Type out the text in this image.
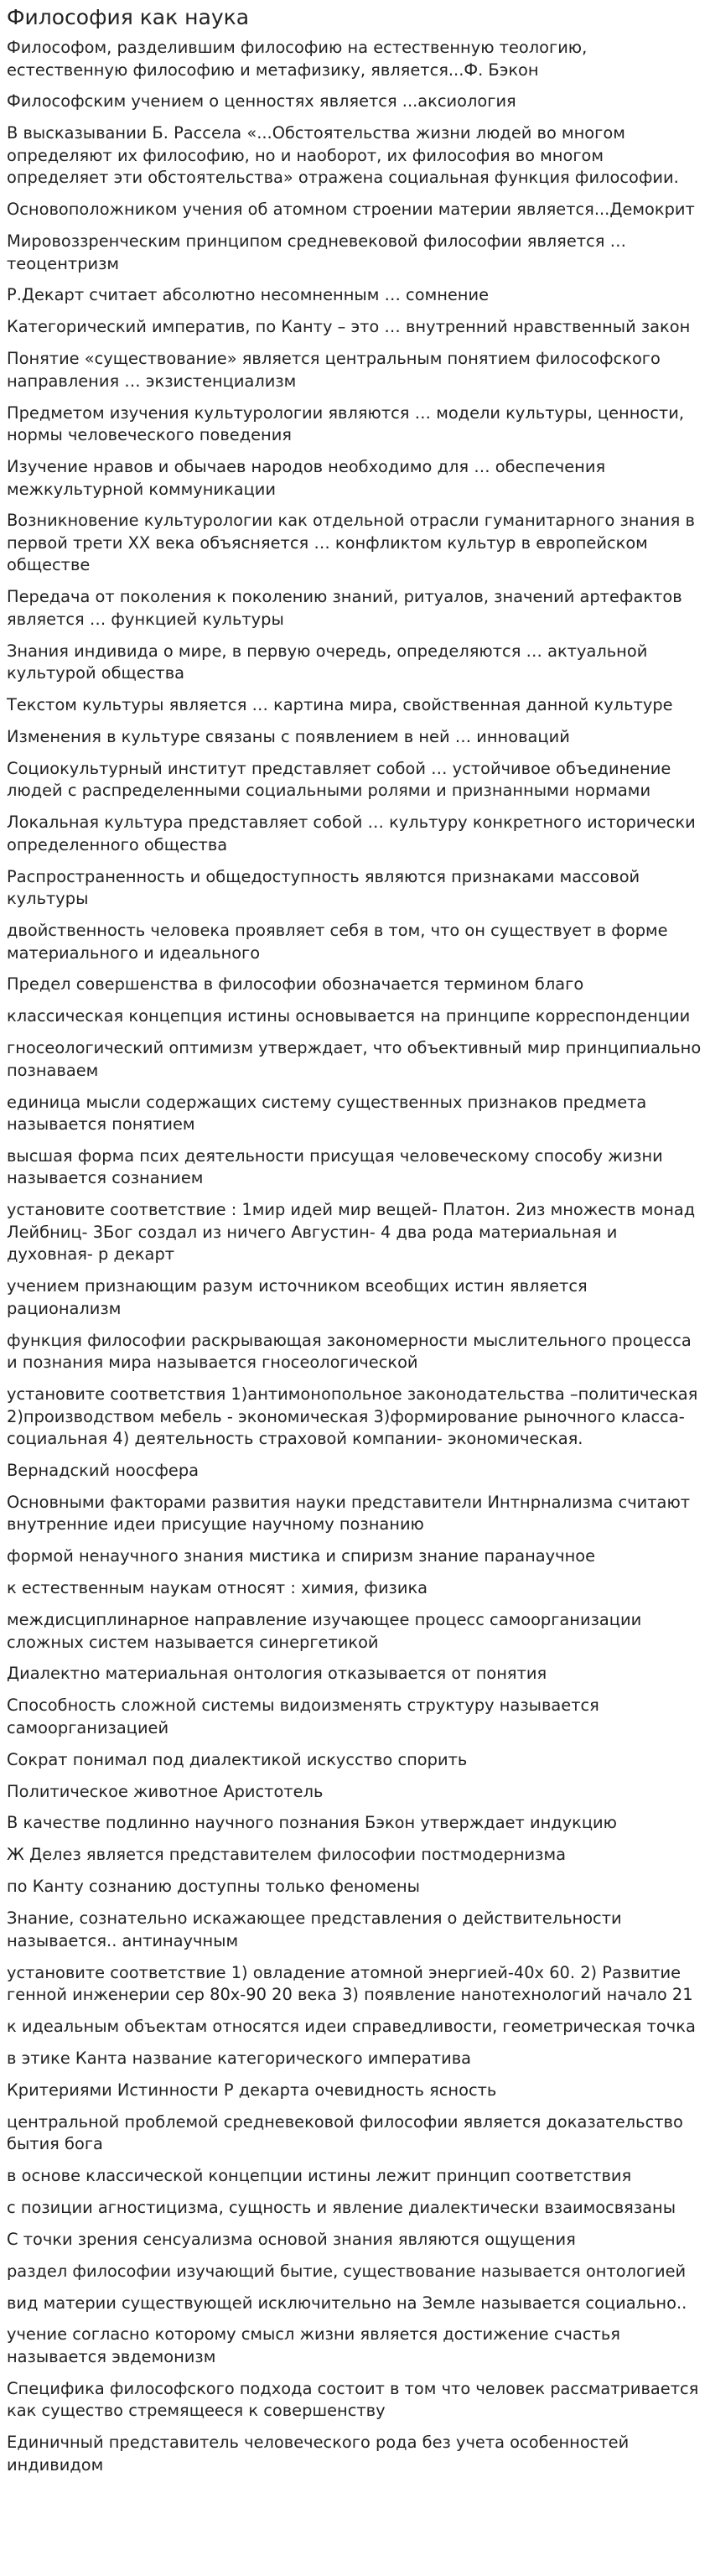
Философия как наука

Философом, разделившим философию на естественную теологию, естественную философию и метафизику, является...Ф. Бэкон

Философским учением о ценностях является ...аксиология

В высказывании Б. Рассела «...Обстоятельства жизни людей во многом определяют их философию, но и наоборот, их философия во многом определяет эти обстоятельства» отражена социальная функция философии.

Основоположником учения об атомном строении материи является...Демокрит

Мировоззренческим принципом средневековой философии является …теоцентризм

Р.Декарт считает абсолютно несомненным … сомнение

Категорический императив, по Канту – это … внутренний нравственный закон

Понятие «существование» является центральным понятием философского направления … экзистенциализм

Предметом изучения культурологии являются … модели культуры, ценности, нормы человеческого поведения

Изучение нравов и обычаев народов необходимо для … обеспечения межкультурной коммуникации

Возникновение культурологии как отдельной отрасли гуманитарного знания в первой трети XX века объясняется … конфликтом культур в европейском обществе

Передача от поколения к поколению знаний, ритуалов, значений артефактов является … функцией культуры

Знания индивида о мире, в первую очередь, определяются … актуальной культурой общества

Текстом культуры является … картина мира, свойственная данной культуре

Изменения в культуре связаны с появлением в ней … инноваций

Социокультурный институт представляет собой … устойчивое объединение людей с распределенными социальными ролями и признанными нормами

Локальная культура представляет собой … культуру конкретного исторически определенного общества

Распространенность и общедоступность являются признаками массовой культуры

двойственность человека проявляет себя в том, что он существует в форме материального и идеального

Предел совершенства в философии обозначается термином благо

классическая концепция истины основывается на принципе корреспонденции

гносеологический оптимизм утверждает, что объективный мир принципиально познаваем

единица мысли содержащих систему существенных признаков предмета называется понятием

высшая форма псих деятельности присущая человеческому способу жизни называется сознанием

установите соответствие : 1мир идей мир вещей- Платон. 2из множеств монад Лейбниц- 3Бог создал из ничего Августин- 4 два рода материальная и духовная- р декарт

учением признающим разум источником всеобщих истин является рационализм

функция философии раскрывающая закономерности мыслительного процесса и познания мира называется гносеологической

установите соответствия 1)антимонопольное законодательства –политическая 2)производством мебель - экономическая 3)формирование рыночного класса- социальная 4) деятельность страховой компании- экономическая.

Вернадский ноосфера

Основными факторами развития науки представители Интнрнализма считают внутренние идеи присущие научному познанию

формой ненаучного знания мистика и спиризм знание паранаучное

к естественным наукам относят : химия, физика

междисциплинарное направление изучающее процесс самоорганизации сложных систем называется синергетикой

Диалектно материальная онтология отказывается от понятия

Способность сложной системы видоизменять структуру называется самоорганизацией

Сократ понимал под диалектикой искусство спорить

Политическое животное Аристотель

В качестве подлинно научного познания Бэкон утверждает индукцию

Ж Делез является представителем философии постмодернизма

по Канту сознанию доступны только феномены

Знание, сознательно искажающее представления о действительности называется.. антинаучным

установите соответствие 1) овладение атомной энергией-40х 60. 2) Развитие генной инженерии сер 80х-90 20 века 3) появление нанотехнологий начало 21

к идеальным объектам относятся идеи справедливости, геометрическая точка

в этике Канта название категорического императива

Критериями Истинности Р декарта очевидность ясность

центральной проблемой средневековой философии является доказательство бытия бога

в основе классической концепции истины лежит принцип соответствия

с позиции агностицизма, сущность и явление диалектически взаимосвязаны

С точки зрения сенсуализма основой знания являются ощущения

раздел философии изучающий бытие, существование называется онтологией

вид материи существующей исключительно на Земле называется социально..

учение согласно которому смысл жизни является достижение счастья называется эвдемонизм

Специфика философского подхода состоит в том что человек рассматривается как существо стремящееся к совершенству

Единичный представитель человеческого рода без учета особенностей индивидом
